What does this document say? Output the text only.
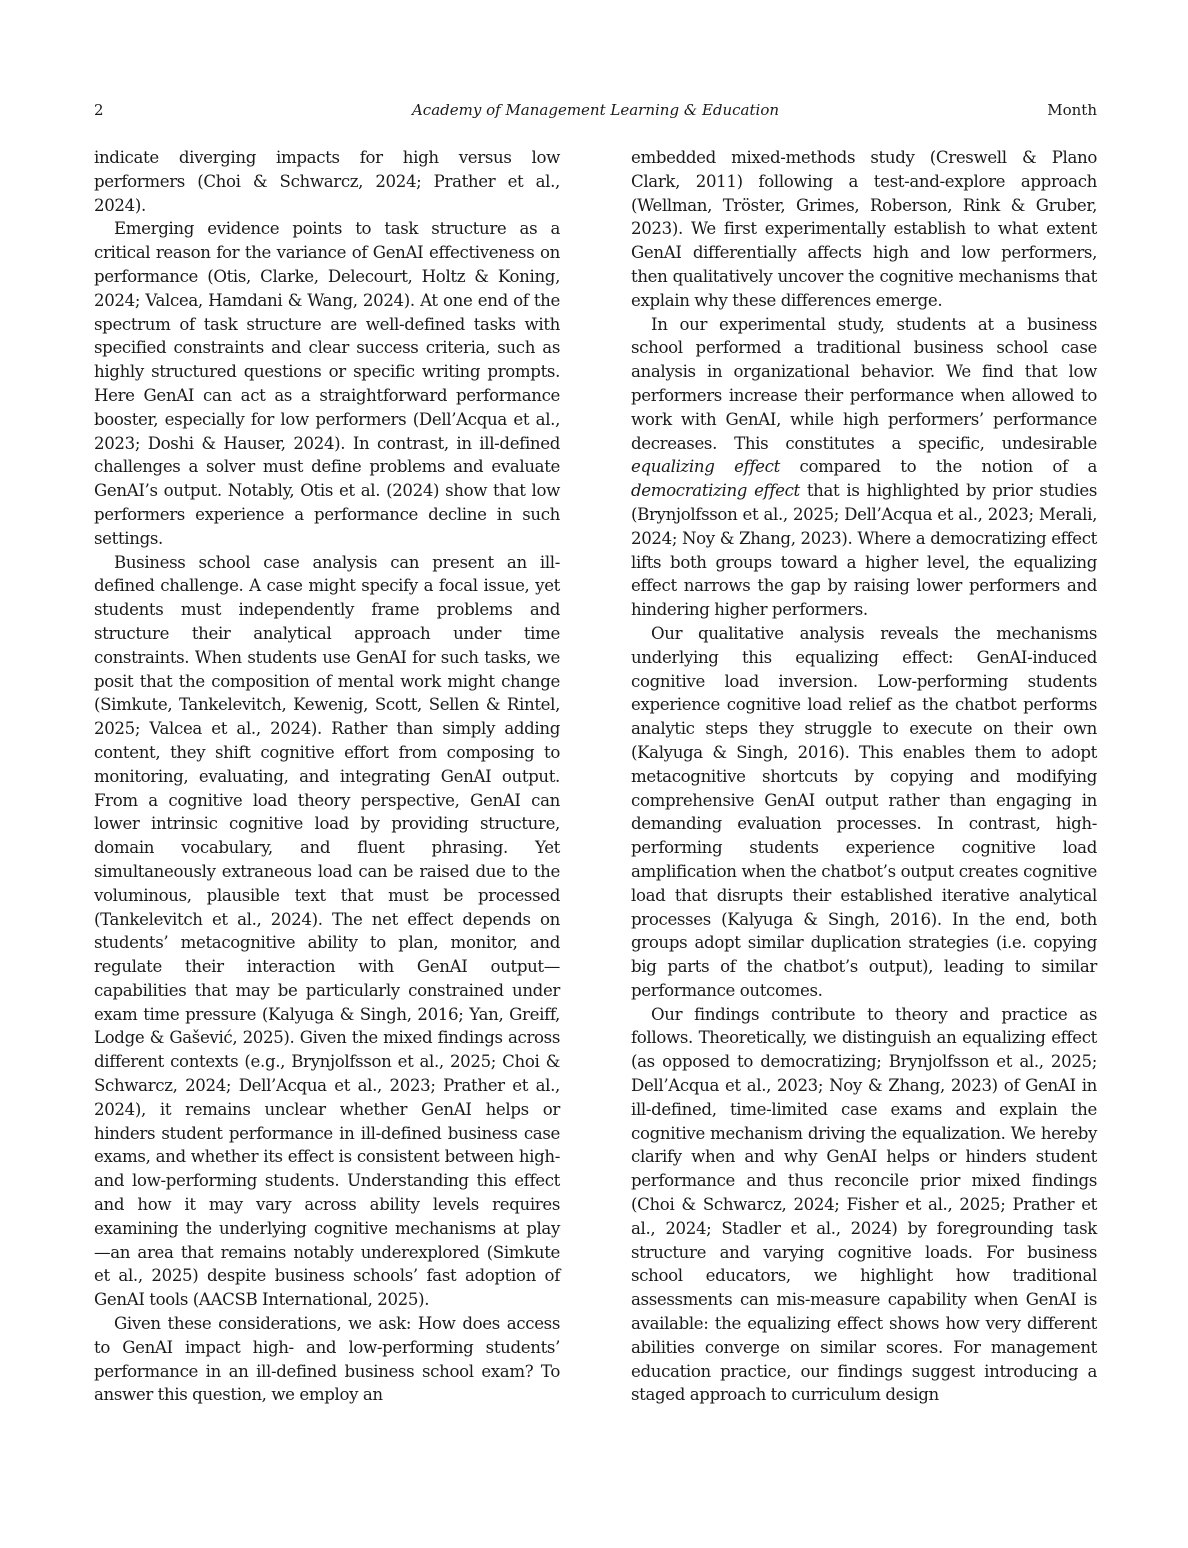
2	Academy of Management Learning & Education	Month

indicate diverging impacts for high versus low performers (Choi & Schwarcz, 2024; Prather et al., 2024).

Emerging evidence points to task structure as a critical reason for the variance of GenAI effectiveness on performance (Otis, Clarke, Delecourt, Holtz & Koning, 2024; Valcea, Hamdani & Wang, 2024). At one end of the spectrum of task structure are well-defined tasks with specified constraints and clear success criteria, such as highly structured questions or specific writing prompts. Here GenAI can act as a straightforward performance booster, especially for low performers (Dell’Acqua et al., 2023; Doshi & Hauser, 2024). In contrast, in ill-defined challenges a solver must define problems and evaluate GenAI’s output. Notably, Otis et al. (2024) show that low performers experience a performance decline in such settings.

Business school case analysis can present an ill-defined challenge. A case might specify a focal issue, yet students must independently frame problems and structure their analytical approach under time constraints. When students use GenAI for such tasks, we posit that the composition of mental work might change (Simkute, Tankelevitch, Kewenig, Scott, Sellen & Rintel, 2025; Valcea et al., 2024). Rather than simply adding content, they shift cognitive effort from composing to monitoring, evaluating, and integrating GenAI output. From a cognitive load theory perspective, GenAI can lower intrinsic cognitive load by providing structure, domain vocabulary, and fluent phrasing. Yet simultaneously extraneous load can be raised due to the voluminous, plausible text that must be processed (Tankelevitch et al., 2024). The net effect depends on students’ metacognitive ability to plan, monitor, and regulate their interaction with GenAI output—capabilities that may be particularly constrained under exam time pressure (Kalyuga & Singh, 2016; Yan, Greiff, Lodge & Gašević, 2025). Given the mixed findings across different contexts (e.g., Brynjolfsson et al., 2025; Choi & Schwarcz, 2024; Dell’Acqua et al., 2023; Prather et al., 2024), it remains unclear whether GenAI helps or hinders student performance in ill-defined business case exams, and whether its effect is consistent between high- and low-performing students. Understanding this effect and how it may vary across ability levels requires examining the underlying cognitive mechanisms at play—an area that remains notably underexplored (Simkute et al., 2025) despite business schools’ fast adoption of GenAI tools (AACSB International, 2025).

Given these considerations, we ask: How does access to GenAI impact high- and low-performing students’ performance in an ill-defined business school exam? To answer this question, we employ an

embedded mixed-methods study (Creswell & Plano Clark, 2011) following a test-and-explore approach (Wellman, Tröster, Grimes, Roberson, Rink & Gruber, 2023). We first experimentally establish to what extent GenAI differentially affects high and low performers, then qualitatively uncover the cognitive mechanisms that explain why these differences emerge.

In our experimental study, students at a business school performed a traditional business school case analysis in organizational behavior. We find that low performers increase their performance when allowed to work with GenAI, while high performers’ performance decreases. This constitutes a specific, undesirable equalizing effect compared to the notion of a democratizing effect that is highlighted by prior studies (Brynjolfsson et al., 2025; Dell’Acqua et al., 2023; Merali, 2024; Noy & Zhang, 2023). Where a democratizing effect lifts both groups toward a higher level, the equalizing effect narrows the gap by raising lower performers and hindering higher performers.

Our qualitative analysis reveals the mechanisms underlying this equalizing effect: GenAI-induced cognitive load inversion. Low-performing students experience cognitive load relief as the chatbot performs analytic steps they struggle to execute on their own (Kalyuga & Singh, 2016). This enables them to adopt metacognitive shortcuts by copying and modifying comprehensive GenAI output rather than engaging in demanding evaluation processes. In contrast, high-performing students experience cognitive load amplification when the chatbot’s output creates cognitive load that disrupts their established iterative analytical processes (Kalyuga & Singh, 2016). In the end, both groups adopt similar duplication strategies (i.e. copying big parts of the chatbot’s output), leading to similar performance outcomes.

Our findings contribute to theory and practice as follows. Theoretically, we distinguish an equalizing effect (as opposed to democratizing; Brynjolfsson et al., 2025; Dell’Acqua et al., 2023; Noy & Zhang, 2023) of GenAI in ill-defined, time-limited case exams and explain the cognitive mechanism driving the equalization. We hereby clarify when and why GenAI helps or hinders student performance and thus reconcile prior mixed findings (Choi & Schwarcz, 2024; Fisher et al., 2025; Prather et al., 2024; Stadler et al., 2024) by foregrounding task structure and varying cognitive loads. For business school educators, we highlight how traditional assessments can mis-measure capability when GenAI is available: the equalizing effect shows how very different abilities converge on similar scores. For management education practice, our findings suggest introducing a staged approach to curriculum design
